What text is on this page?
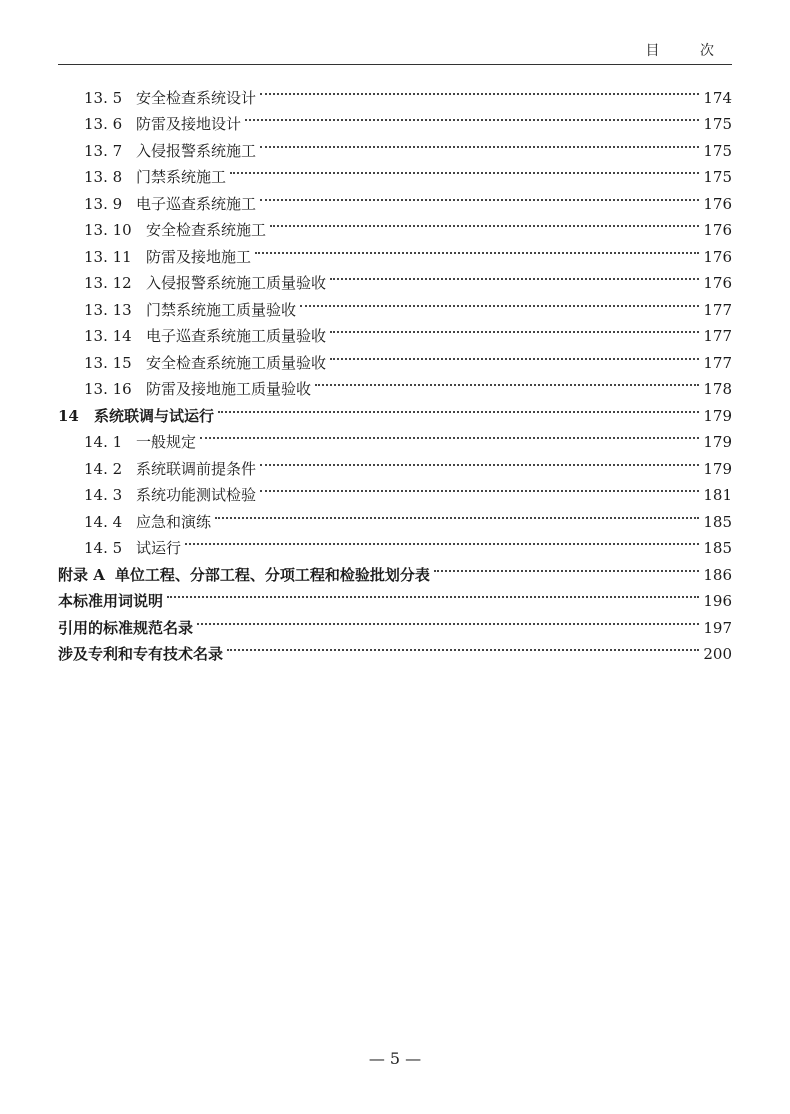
目 次
13. 5 安全检查系统设计	174
13. 6 防雷及接地设计	175
13. 7 入侵报警系统施工	175
13. 8 门禁系统施工	175
13. 9 电子巡查系统施工	176
13. 10 安全检查系统施工	176
13. 11 防雷及接地施工	176
13. 12 入侵报警系统施工质量验收	176
13. 13 门禁系统施工质量验收	177
13. 14 电子巡查系统施工质量验收	177
13. 15 安全检查系统施工质量验收	177
13. 16 防雷及接地施工质量验收	178
14	系统联调与试运行	179
14. 1 一般规定	179
14. 2 系统联调前提条件	179
14. 3 系统功能测试检验	181
14. 4 应急和演练	185
14. 5 试运行	185
附录 A 单位工程、分部工程、分项工程和检验批划分表	186
本标准用词说明	196
引用的标准规范名录	197
涉及专利和专有技术名录	200
— 5 —
